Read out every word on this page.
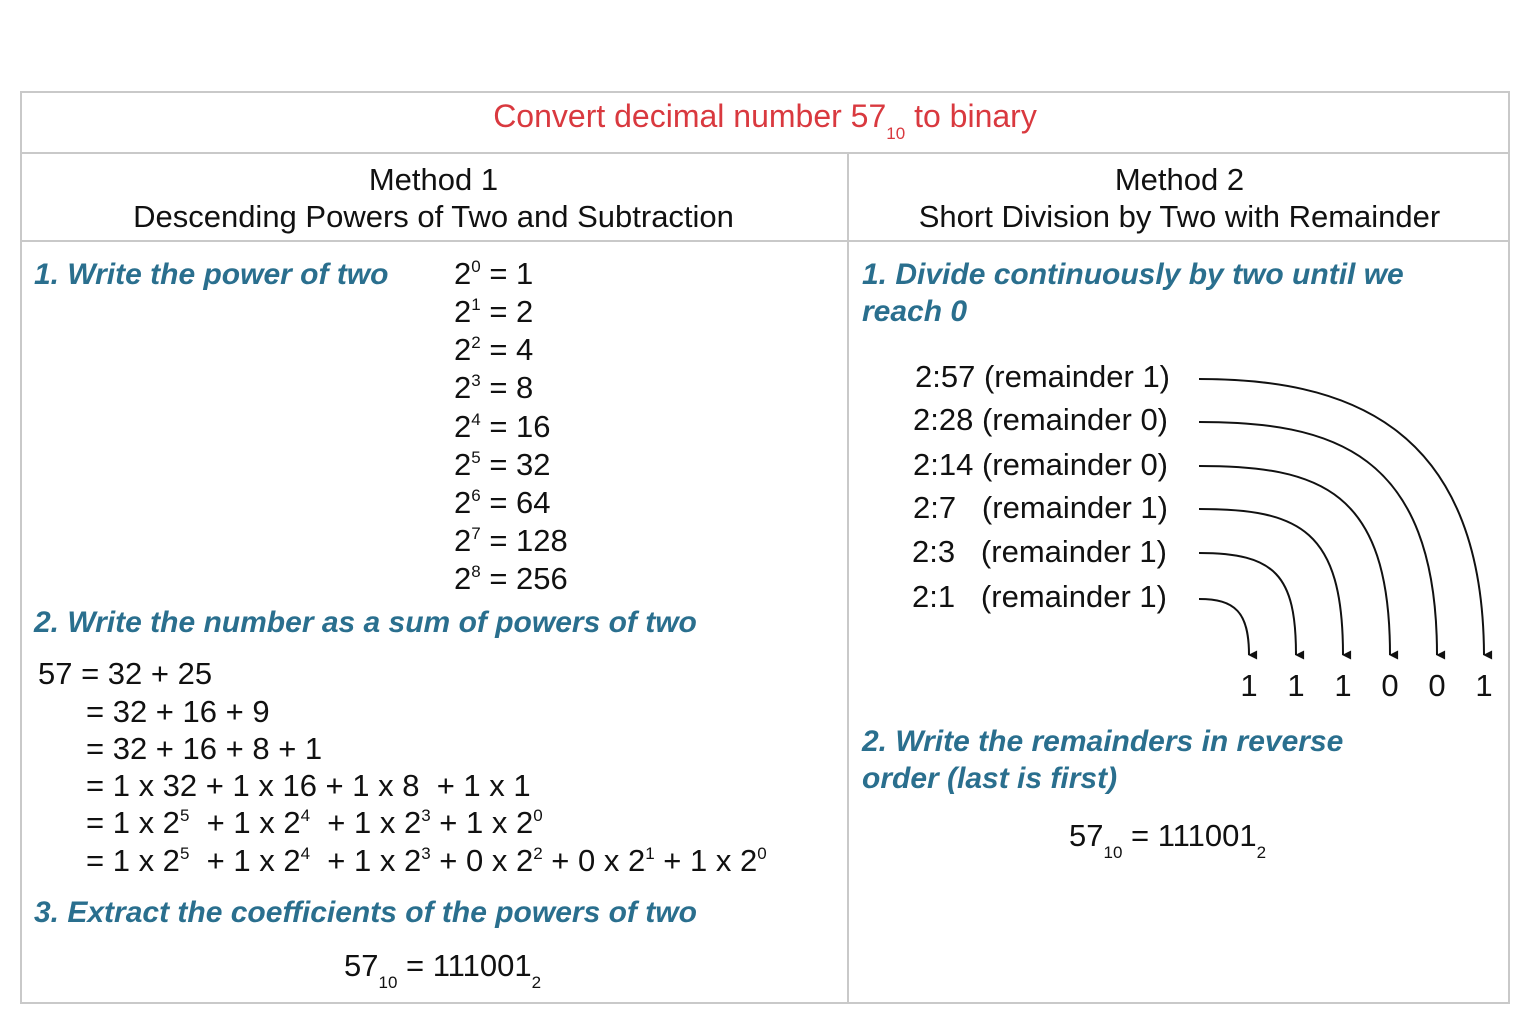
Convert decimal number $57_{10}$ to binary
Method 1
Descending Powers of Two and Subtraction
Method 2
Short Division by Two with Remainder
1. Write the power of two $2^0 = 1$
$2^1 = 2$
$2^2 = 4$
$2^3 = 8$
$2^4 = 16$
$2^5 = 32$
$2^6 = 64$
$2^7 = 128$
$2^8 = 256$
2. Write the number as a sum of powers of two
57 = 32 + 25
= 32 + 16 + 9
= 32 + 16 + 8 + 1
= 1 x 32 + 1 x 16 + 1 x 8  + 1 x 1
= 1 x $2^5 + 1$ x $2^4 + 1$ x $2^3 + 1$ x $2^0$
= 1 x $2^5 + 1$ x $2^4 + 1$ x $2^3 + 0$ x $2^2 + 0$ x $2^1 + 1$ x $2^0$
3. Extract the coefficients of the powers of two
$57_{10} = 111001_2$
1. Divide continuously by two until we reach 0
2:57 (remainder 1)
2:28 (remainder 0)
2:14 (remainder 0)
2:7   (remainder 1)
2:3   (remainder 1)
2:1   (remainder 1)
1 1 1 0 0 1
2. Write the remainders in reverse order (last is first)
$57_{10} = 111001_2$
